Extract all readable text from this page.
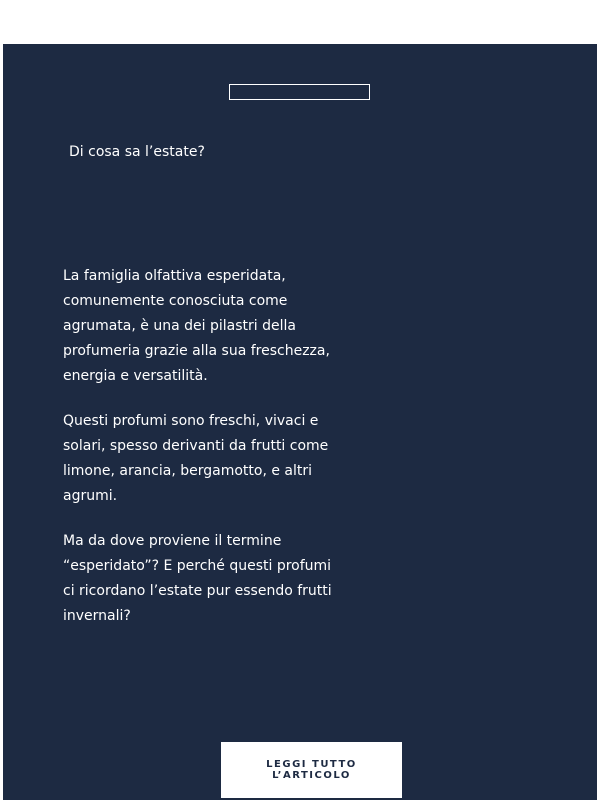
Di cosa sa l’estate?

La famiglia olfattiva esperidata, comunemente conosciuta come agrumata, è una dei pilastri della profumeria grazie alla sua freschezza, energia e versatilità.

Questi profumi sono freschi, vivaci e solari, spesso derivanti da frutti come limone, arancia, bergamotto, e altri agrumi.

Ma da dove proviene il termine “esperidato”? E perché questi profumi ci ricordano l’estate pur essendo frutti invernali?

LEGGI TUTTO
L’ARTICOLO
